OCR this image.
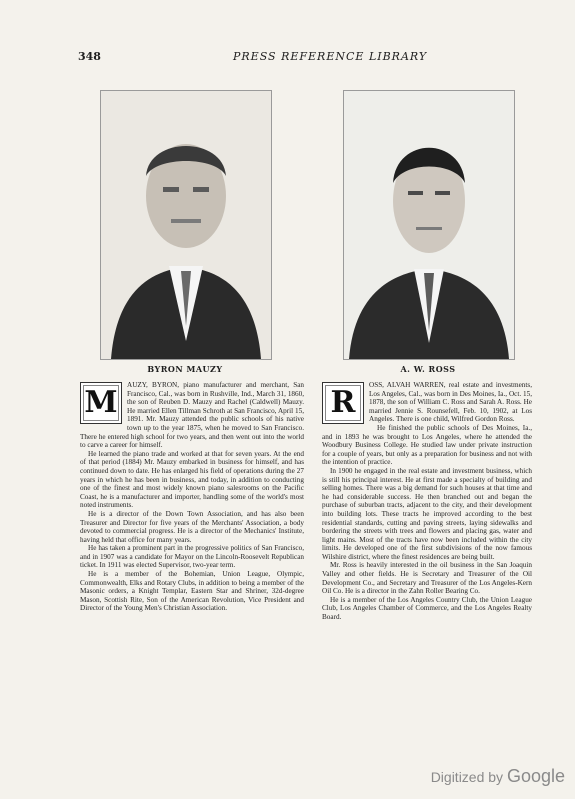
348	PRESS REFERENCE LIBRARY
BYRON MAUZY	A. W. ROSS
M	AUZY, BYRON, piano manufacturer and merchant, San Francisco, Cal., was born in Rushville, Ind., March 31, 1860, the son of Reuben D. Mauzy and Rachel (Caldwell) Mauzy. He married Ellen Tillman Schroth at San Francisco, April 15, 1891. Mr. Mauzy attended the public schools of his native town up to the year 1875, when he moved to San Francisco. There he entered high school for two years, and then went out into the world to carve a career for himself.

He learned the piano trade and worked at that for seven years. At the end of that period (1884) Mr. Mauzy embarked in business for himself, and has continued down to date. He has enlarged his field of operations during the 27 years in which he has been in business, and today, in addition to conducting one of the finest and most widely known piano salesrooms on the Pacific Coast, he is a manufacturer and importer, handling some of the world's most noted instruments.

He is a director of the Down Town Association, and has also been Treasurer and Director for five years of the Merchants' Association, a body devoted to commercial progress. He is a director of the Mechanics' Institute, having held that office for many years.

He has taken a prominent part in the progressive politics of San Francisco, and in 1907 was a candidate for Mayor on the Lincoln-Roosevelt Republican ticket. In 1911 was elected Supervisor, two-year term.

He is a member of the Bohemian, Union League, Olympic, Commonwealth, Elks and Rotary Clubs, in addition to being a member of the Masonic orders, a Knight Templar, Eastern Star and Shriner, 32d-degree Mason, Scottish Rite, Son of the American Revolution, Vice President and Director of the Young Men's Christian Association.

R	OSS, ALVAH WARREN, real estate and investments, Los Angeles, Cal., was born in Des Moines, Ia., Oct. 15, 1878, the son of William C. Ross and Sarah A. Ross. He married Jennie S. Rounsefell, Feb. 10, 1902, at Los Angeles. There is one child, Wilfred Gordon Ross.

He finished the public schools of Des Moines, Ia., and in 1893 he was brought to Los Angeles, where he attended the Woodbury Business College. He studied law under private instruction for a couple of years, but only as a preparation for business and not with the intention of practice.

In 1900 he engaged in the real estate and investment business, which is still his principal interest. He at first made a specialty of building and selling homes. There was a big demand for such houses at that time and he had considerable success. He then branched out and began the purchase of suburban tracts, adjacent to the city, and their development into building lots. These tracts he improved according to the best residential standards, cutting and paving streets, laying sidewalks and bordering the streets with trees and flowers and placing gas, water and light mains. Most of the tracts have now been included within the city limits. He developed one of the first subdivisions of the now famous Wilshire district, where the finest residences are being built.

Mr. Ross is heavily interested in the oil business in the San Joaquin Valley and other fields. He is Secretary and Treasurer of the Oil Development Co., and Secretary and Treasurer of the Los Angeles-Kern Oil Co. He is a director in the Zahn Roller Bearing Co.

He is a member of the Los Angeles Country Club, the Union League Club, Los Angeles Chamber of Commerce, and the Los Angeles Realty Board.

Digitized by Google
